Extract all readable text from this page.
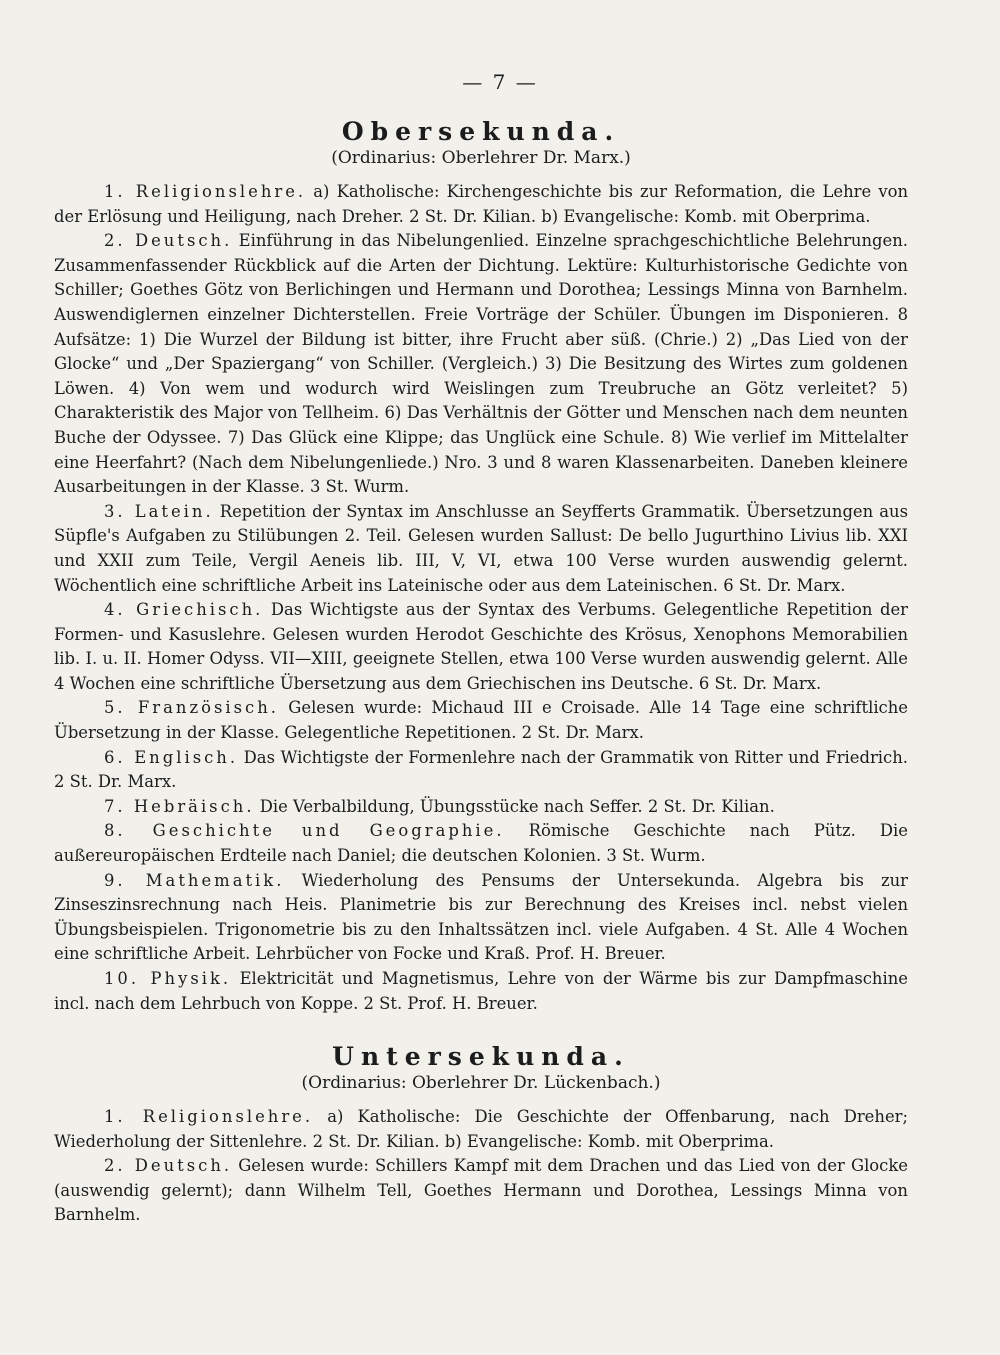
— 7 —
Obersekunda.
(Ordinarius: Oberlehrer Dr. Marx.)

1. Religionslehre. a) Katholische: Kirchengeschichte bis zur Reformation, die Lehre von der Erlösung und Heiligung, nach Dreher. 2 St. Dr. Kilian. b) Evangelische: Komb. mit Oberprima.

2. Deutsch. Einführung in das Nibelungenlied. Einzelne sprachgeschichtliche Belehrungen. Zusammenfassender Rückblick auf die Arten der Dichtung. Lektüre: Kulturhistorische Gedichte von Schiller; Goethes Götz von Berlichingen und Hermann und Dorothea; Lessings Minna von Barnhelm. Auswendiglernen einzelner Dichterstellen. Freie Vorträge der Schüler. Übungen im Disponieren. 8 Aufsätze: 1) Die Wurzel der Bildung ist bitter, ihre Frucht aber süß. (Chrie.) 2) „Das Lied von der Glocke“ und „Der Spaziergang“ von Schiller. (Vergleich.) 3) Die Besitzung des Wirtes zum goldenen Löwen. 4) Von wem und wodurch wird Weislingen zum Treubruche an Götz verleitet? 5) Charakteristik des Major von Tellheim. 6) Das Verhältnis der Götter und Menschen nach dem neunten Buche der Odyssee. 7) Das Glück eine Klippe; das Unglück eine Schule. 8) Wie verlief im Mittelalter eine Heerfahrt? (Nach dem Nibelungenliede.) Nro. 3 und 8 waren Klassenarbeiten. Daneben kleinere Ausarbeitungen in der Klasse. 3 St. Wurm.

3. Latein. Repetition der Syntax im Anschlusse an Seyfferts Grammatik. Übersetzungen aus Süpfle's Aufgaben zu Stilübungen 2. Teil. Gelesen wurden Sallust: De bello Jugurthino Livius lib. XXI und XXII zum Teile, Vergil Aeneis lib. III, V, VI, etwa 100 Verse wurden auswendig gelernt. Wöchentlich eine schriftliche Arbeit ins Lateinische oder aus dem Lateinischen. 6 St. Dr. Marx.

4. Griechisch. Das Wichtigste aus der Syntax des Verbums. Gelegentliche Repetition der Formen- und Kasuslehre. Gelesen wurden Herodot Geschichte des Krösus, Xenophons Memorabilien lib. I. u. II. Homer Odyss. VII—XIII, geeignete Stellen, etwa 100 Verse wurden auswendig gelernt. Alle 4 Wochen eine schriftliche Übersetzung aus dem Griechischen ins Deutsche. 6 St. Dr. Marx.

5. Französisch. Gelesen wurde: Michaud III e Croisade. Alle 14 Tage eine schriftliche Übersetzung in der Klasse. Gelegentliche Repetitionen. 2 St. Dr. Marx.

6. Englisch. Das Wichtigste der Formenlehre nach der Grammatik von Ritter und Friedrich. 2 St. Dr. Marx.

7. Hebräisch. Die Verbalbildung, Übungsstücke nach Seffer. 2 St. Dr. Kilian.

8. Geschichte und Geographie. Römische Geschichte nach Pütz. Die außereuropäischen Erdteile nach Daniel; die deutschen Kolonien. 3 St. Wurm.

9. Mathematik. Wiederholung des Pensums der Untersekunda. Algebra bis zur Zinseszinsrechnung nach Heis. Planimetrie bis zur Berechnung des Kreises incl. nebst vielen Übungsbeispielen. Trigonometrie bis zu den Inhaltssätzen incl. viele Aufgaben. 4 St. Alle 4 Wochen eine schriftliche Arbeit. Lehrbücher von Focke und Kraß. Prof. H. Breuer.

10. Physik. Elektricität und Magnetismus, Lehre von der Wärme bis zur Dampfmaschine incl. nach dem Lehrbuch von Koppe. 2 St. Prof. H. Breuer.

Untersekunda.
(Ordinarius: Oberlehrer Dr. Lückenbach.)

1. Religionslehre. a) Katholische: Die Geschichte der Offenbarung, nach Dreher; Wiederholung der Sittenlehre. 2 St. Dr. Kilian. b) Evangelische: Komb. mit Oberprima.

2. Deutsch. Gelesen wurde: Schillers Kampf mit dem Drachen und das Lied von der Glocke (auswendig gelernt); dann Wilhelm Tell, Goethes Hermann und Dorothea, Lessings Minna von Barnhelm.
